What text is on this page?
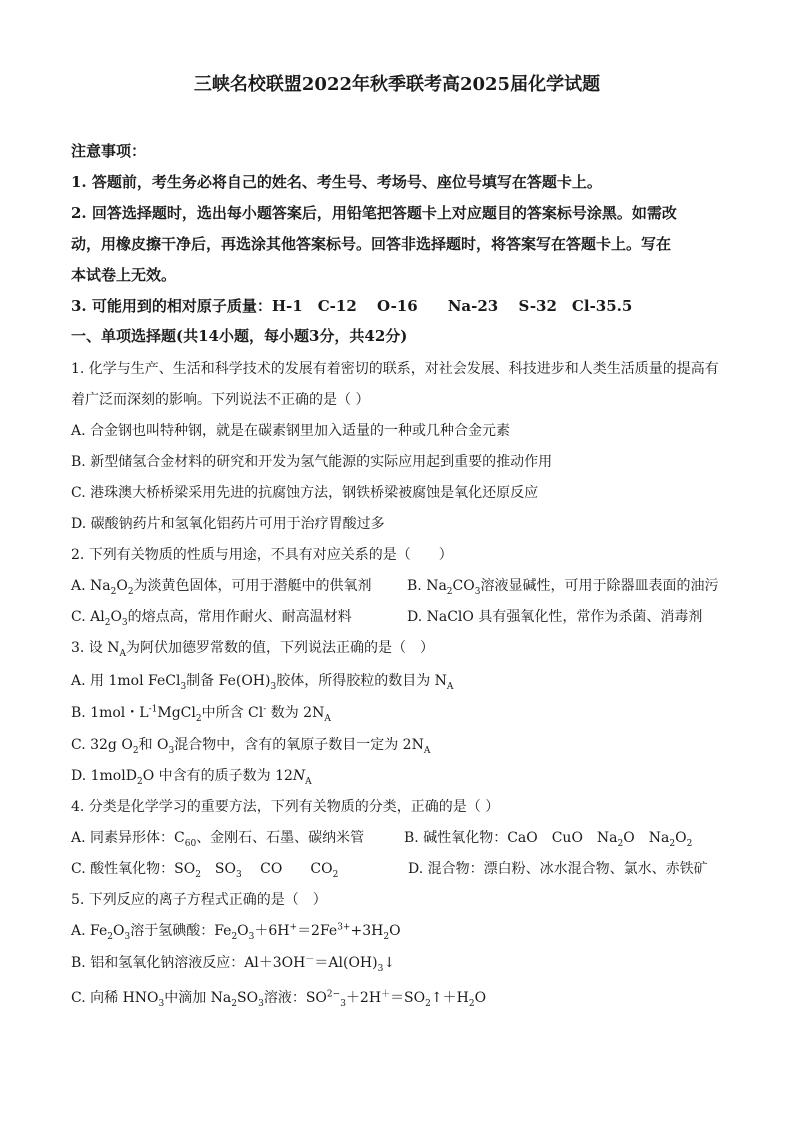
三峡名校联盟2022年秋季联考高2025届化学试题
注意事项：
1. 答题前，考生务必将自己的姓名、考生号、考场号、座位号填写在答题卡上。
2. 回答选择题时，选出每小题答案后，用铅笔把答题卡上对应题目的答案标号涂黑。如需改
动，用橡皮擦干净后，再选涂其他答案标号。回答非选择题时，将答案写在答题卡上。写在
本试卷上无效。
3. 可能用到的相对原子质量：H-1　C-12　 O-16　　Na-23　 S-32　Cl-35.5
一、单项选择题(共14小题，每小题3分，共42分)
1. 化学与生产、生活和科学技术的发展有着密切的联系，对社会发展、科技进步和人类生活质量的提高有
着广泛而深刻的影响。下列说法不正确的是（ ）
A. 合金钢也叫特种钢，就是在碳素钢里加入适量的一种或几种合金元素
B. 新型储氢合金材料的研究和开发为氢气能源的实际应用起到重要的推动作用
C. 港珠澳大桥桥梁采用先进的抗腐蚀方法，钢铁桥梁被腐蚀是氧化还原反应
D. 碳酸钠药片和氢氧化铝药片可用于治疗胃酸过多
2. 下列有关物质的性质与用途，不具有对应关系的是（　　）
A. $Na_2O_2$为淡黄色固体，可用于潜艇中的供氧剂	B. $Na_2CO_3$溶液显碱性，可用于除器皿表面的油污
C. $Al_2O_3$的熔点高，常用作耐火、耐高温材料	D. NaClO 具有强氧化性，常作为杀菌、消毒剂
3. 设 $N_A$为阿伏加德罗常数的值，下列说法正确的是（　）
A. 用 1mol FeCl$_3$制备 $Fe(OH)_3$胶体，所得胶粒的数目为 $N_A$
B. 1mol・$L^{-1}MgCl_2$中所含 Cl- 数为 $2N_A$
C. 32g $O_2$和 $O_3$混合物中，含有的氧原子数目一定为 $2N_A$
D. 1molD$_2$O 中含有的质子数为 $12N_A$
4. 分类是化学学习的重要方法，下列有关物质的分类，正确的是（ ）
A. 同素异形体：$C_{60}$、金刚石、石墨、碳纳米管	B. 碱性氧化物：CaO　CuO　$Na_2O$　$Na_2O_2$
C. 酸性氧化物：$SO_2$　$SO_3$　 CO　　$CO_2$	D. 混合物：漂白粉、冰水混合物、氯水、赤铁矿
5. 下列反应的离子方程式正确的是（　）
A. $Fe_2O_3$溶于氢碘酸：$Fe_2O_3+6H^+=2Fe^{3+}+3H_2O$
B. 铝和氢氧化钠溶液反应：$Al+3OH^-=Al(OH)_3↓$
C. 向稀 $HNO_3$中滴加 $Na_2SO_3$溶液：$SO^{2-}_3+2H^+=SO_2↑+H_2O$
